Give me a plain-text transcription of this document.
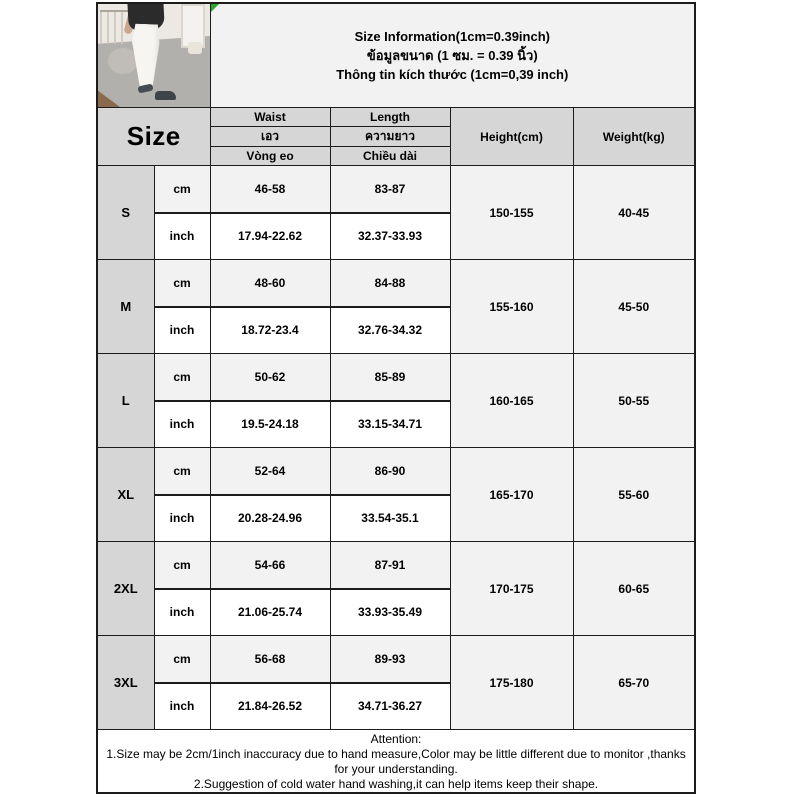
		Size Information(1cm=0.39inch)
ข้อมูลขนาด (1 ซม. = 0.39 นิ้ว)
Thông tin kích thước (1cm=0,39 inch)			

Size		Waist	Length	Height(cm)	Weight(kg)
		เอว	ความยาว		
		Vòng eo	Chiều dài		
S	cm	46-58	83-87	150-155	40-45
	inch	17.94-22.62	32.37-33.93		
M	cm	48-60	84-88	155-160	45-50
	inch	18.72-23.4	32.76-34.32		
L	cm	50-62	85-89	160-165	50-55
	inch	19.5-24.18	33.15-34.71		
XL	cm	52-64	86-90	165-170	55-60
	inch	20.28-24.96	33.54-35.1		
2XL	cm	54-66	87-91	170-175	60-65
	inch	21.06-25.74	33.93-35.49		
3XL	cm	56-68	89-93	175-180	65-70
	inch	21.84-26.52	34.71-36.27		

Attention:
1.Size may be 2cm/1inch inaccuracy due to hand measure,Color may be little different due to monitor ,thanks for your understanding.
2.Suggestion of cold water hand washing,it can help items keep their shape.					
